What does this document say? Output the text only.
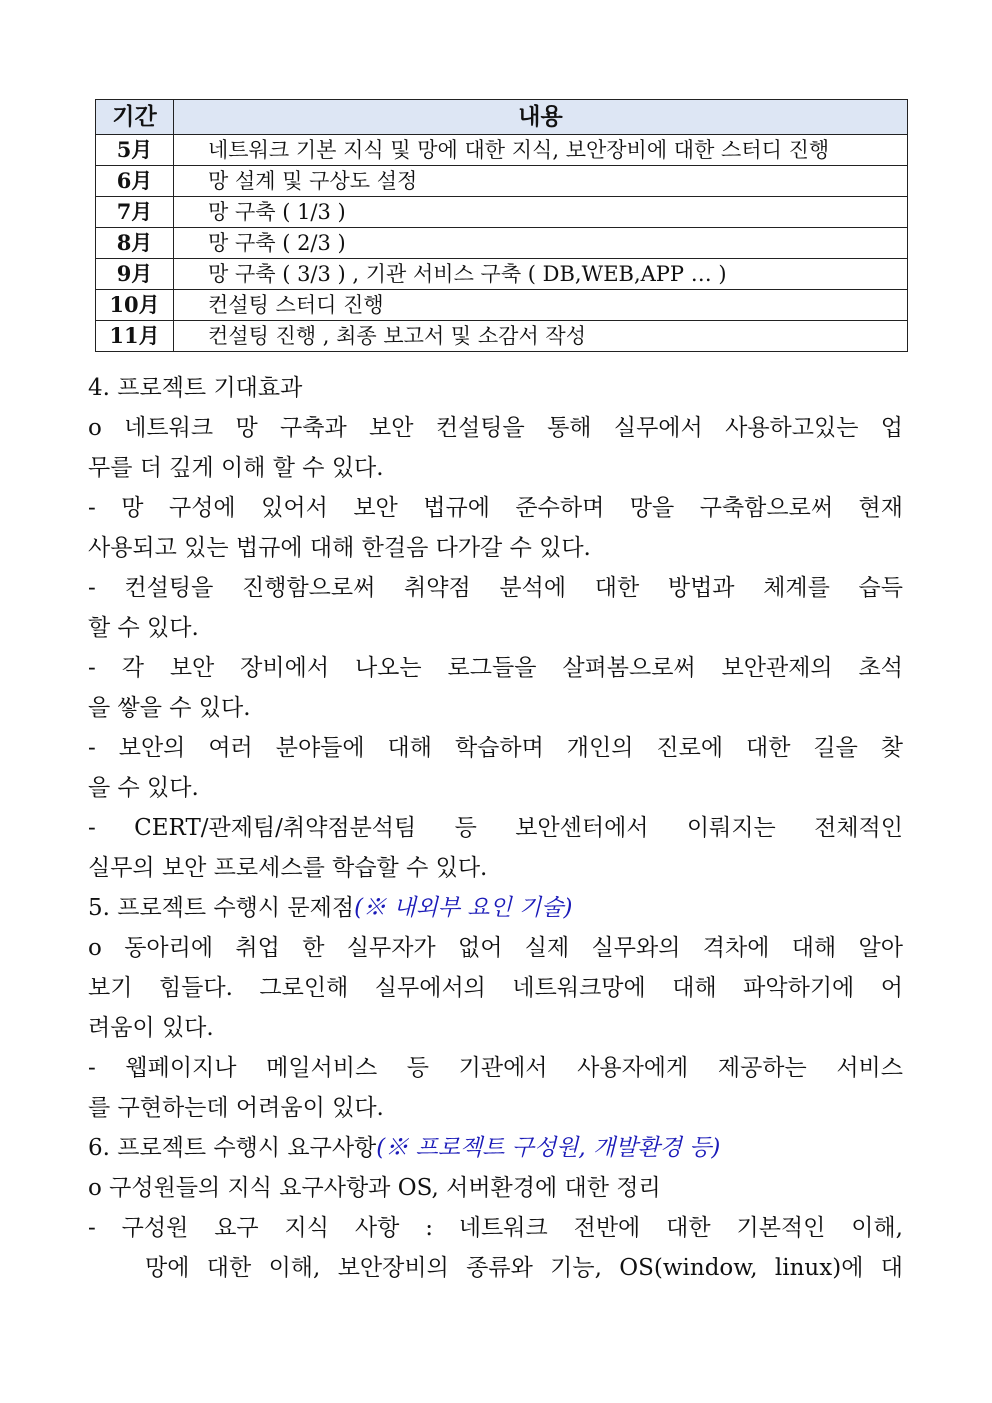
기간	내용
5月	네트워크 기본 지식 및 망에 대한 지식, 보안장비에 대한 스터디 진행
6月	망 설계 및 구상도 설정
7月	망 구축 ( 1/3 )
8月	망 구축 ( 2/3 )
9月	망 구축 ( 3/3 ) , 기관 서비스 구축 ( DB,WEB,APP … )
10月	컨설팅 스터디 진행
11月	컨설팅 진행 , 최종 보고서 및 소감서 작성
4. 프로젝트 기대효과
o 네트워크 망 구축과 보안 컨설팅을 통해 실무에서 사용하고있는 업
무를 더 깊게 이해 할 수 있다.
- 망 구성에 있어서 보안 법규에 준수하며 망을 구축함으로써 현재
사용되고 있는 법규에 대해 한걸음 다가갈 수 있다.
- 컨설팅을 진행함으로써 취약점 분석에 대한 방법과 체계를 습득
할 수 있다.
- 각 보안 장비에서 나오는 로그들을 살펴봄으로써 보안관제의 초석
을 쌓을 수 있다.
- 보안의 여러 분야들에 대해 학습하며 개인의 진로에 대한 길을 찾
을 수 있다.
- CERT/관제팀/취약점분석팀 등 보안센터에서 이뤄지는 전체적인
실무의 보안 프로세스를 학습할 수 있다.
5. 프로젝트 수행시 문제점(※ 내외부 요인 기술)
o 동아리에 취업 한 실무자가 없어 실제 실무와의 격차에 대해 알아
보기 힘들다. 그로인해 실무에서의 네트워크망에 대해 파악하기에 어
려움이 있다.
- 웹페이지나 메일서비스 등 기관에서 사용자에게 제공하는 서비스
를 구현하는데 어려움이 있다.
6. 프로젝트 수행시 요구사항(※ 프로젝트 구성원, 개발환경 등)
o 구성원들의 지식 요구사항과 OS, 서버환경에 대한 정리
- 구성원 요구 지식 사항 : 네트워크 전반에 대한 기본적인 이해,
망에 대한 이해, 보안장비의 종류와 기능, OS(window, linux)에 대
